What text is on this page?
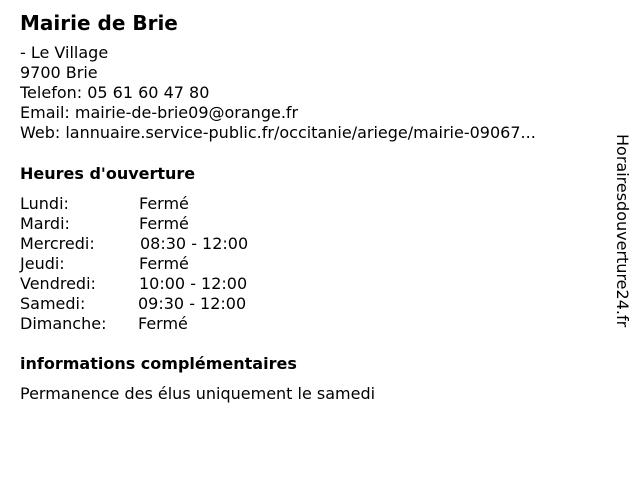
Mairie de Brie
- Le Village
9700 Brie
Telefon: 05 61 60 47 80
Email: mairie-de-brie09@orange.fr
Web: lannuaire.service-public.fr/occitanie/ariege/mairie-09067...
Heures d'ouverture
Lundi:	Fermé
Mardi:	Fermé
Mercredi:	08:30 - 12:00
Jeudi:	Fermé
Vendredi:	10:00 - 12:00
Samedi:	09:30 - 12:00
Dimanche: Fermé
informations complémentaires
Permanence des élus uniquement le samedi
Horairesdouverture24.fr
